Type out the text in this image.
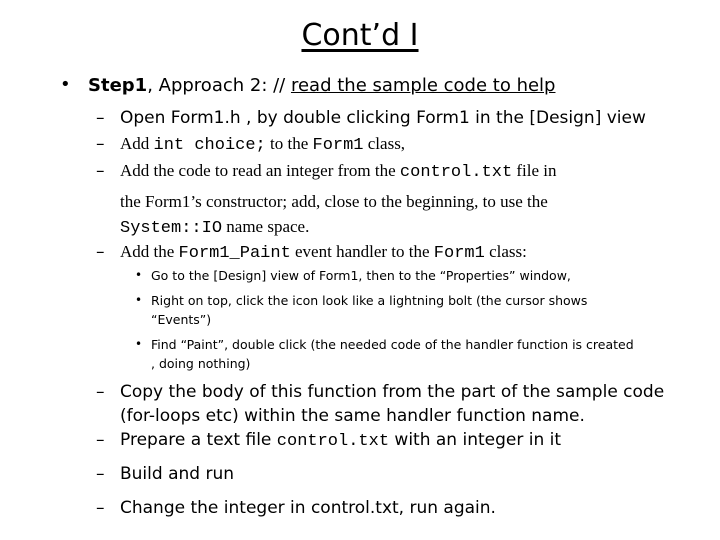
Cont’d I
• Step1, Approach 2: // read the sample code to help
– Open Form1.h , by double clicking Form1 in the [Design] view
– Add int choice; to the Form1 class,
– Add the code to read an integer from the control.txt file in
the Form1’s constructor; add, close to the beginning, to use the
System::IO name space.
– Add the Form1_Paint event handler to the Form1 class:
• Go to the [Design] view of Form1, then to the “Properties” window,
• Right on top, click the icon look like a lightning bolt (the cursor shows
“Events”)
• Find “Paint”, double click (the needed code of the handler function is created
, doing nothing)
– Copy the body of this function from the part of the sample code
(for-loops etc) within the same handler function name.
– Prepare a text file control.txt with an integer in it
– Build and run
– Change the integer in control.txt, run again.
